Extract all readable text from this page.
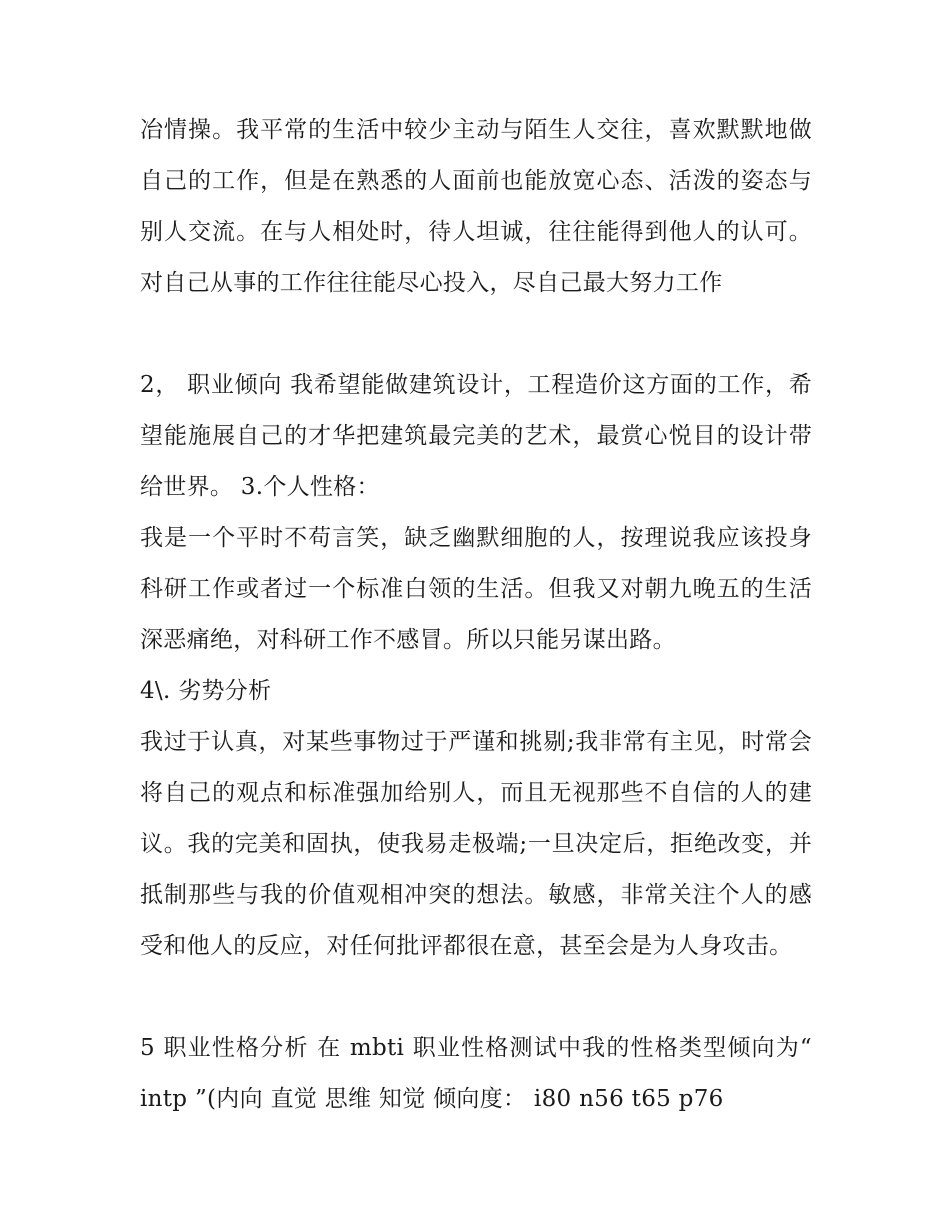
冶情操。我平常的生活中较少主动与陌生人交往，喜欢默默地做自己的工作，但是在熟悉的人面前也能放宽心态、活泼的姿态与别人交流。在与人相处时，待人坦诚，往往能得到他人的认可。对自己从事的工作往往能尽心投入，尽自己最大努力工作

2， 职业倾向 我希望能做建筑设计，工程造价这方面的工作，希望能施展自己的才华把建筑最完美的艺术，最赏心悦目的设计带给世界。 3.个人性格：

我是一个平时不苟言笑，缺乏幽默细胞的人，按理说我应该投身科研工作或者过一个标准白领的生活。但我又对朝九晚五的生活深恶痛绝，对科研工作不感冒。所以只能另谋出路。

4\. 劣势分析

我过于认真，对某些事物过于严谨和挑剔;我非常有主见，时常会将自己的观点和标准强加给别人，而且无视那些不自信的人的建议。我的完美和固执，使我易走极端;一旦决定后，拒绝改变，并抵制那些与我的价值观相冲突的想法。敏感，非常关注个人的感受和他人的反应，对任何批评都很在意，甚至会是为人身攻击。

5 职业性格分析 在 mbti 职业性格测试中我的性格类型倾向为“ intp ”(内向 直觉 思维 知觉 倾向度： i80 n56 t65 p76
